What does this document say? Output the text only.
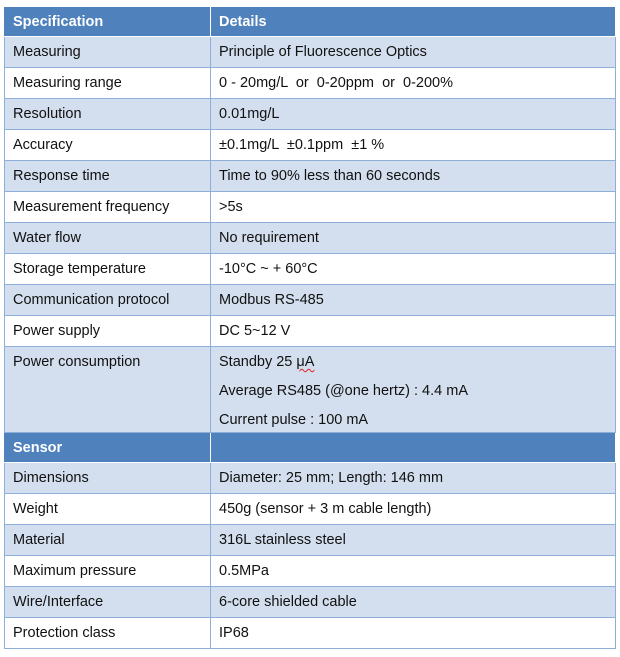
Specification	Details
Measuring	Principle of Fluorescence Optics
Measuring range	0 - 20mg/L  or  0-20ppm  or  0-200%
Resolution	0.01mg/L
Accuracy	±0.1mg/L  ±0.1ppm  ±1 %
Response time	Time to 90% less than 60 seconds
Measurement frequency	>5s
Water flow	No requirement
Storage temperature	-10°C ~ + 60°C
Communication protocol	Modbus RS-485
Power supply	DC 5~12 V

Power consumption	Standby 25 μA
Average RS485 (@one hertz) : 4.4 mA
Current pulse : 100 mA

Sensor	
Dimensions	Diameter: 25 mm; Length: 146 mm
Weight	450g (sensor + 3 m cable length)
Material	316L stainless steel
Maximum pressure	0.5MPa
Wire/Interface	6-core shielded cable
Protection class	IP68
